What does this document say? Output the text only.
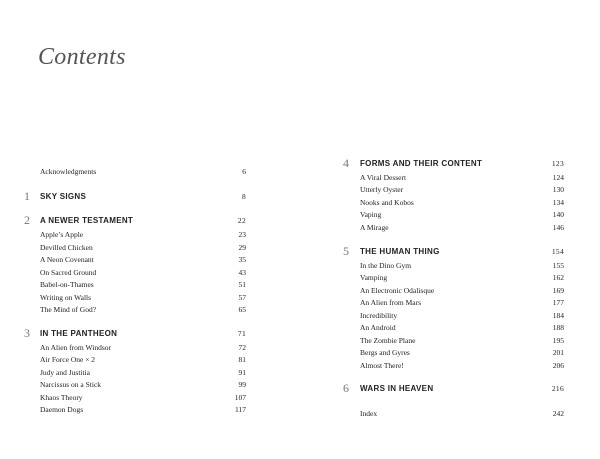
Contents
Acknowledgments	6
1 SKY SIGNS	8
2 A NEWER TESTAMENT	22
Apple’s Apple	23
Devilled Chicken	29
A Neon Covenant	35
On Sacred Ground	43
Babel-on-Thames	51
Writing on Walls	57
The Mind of God?	65
3 IN THE PANTHEON	71
An Alien from Windsor	72
Air Force One × 2	81
Judy and Justitia	91
Narcissus on a Stick	99
Khaos Theory	107
Daemon Dogs	117
4 FORMS AND THEIR CONTENT	123
A Viral Dessert	124
Utterly Oyster	130
Nooks and Kobos	134
Vaping	140
A Mirage	146
5 THE HUMAN THING	154
In the Dino Gym	155
Vamping	162
An Electronic Odalisque	169
An Alien from Mars	177
Incredibility	184
An Android	188
The Zombie Plane	195
Bergs and Gyres	201
Almost There!	206
6 WARS IN HEAVEN	216
Index	242
